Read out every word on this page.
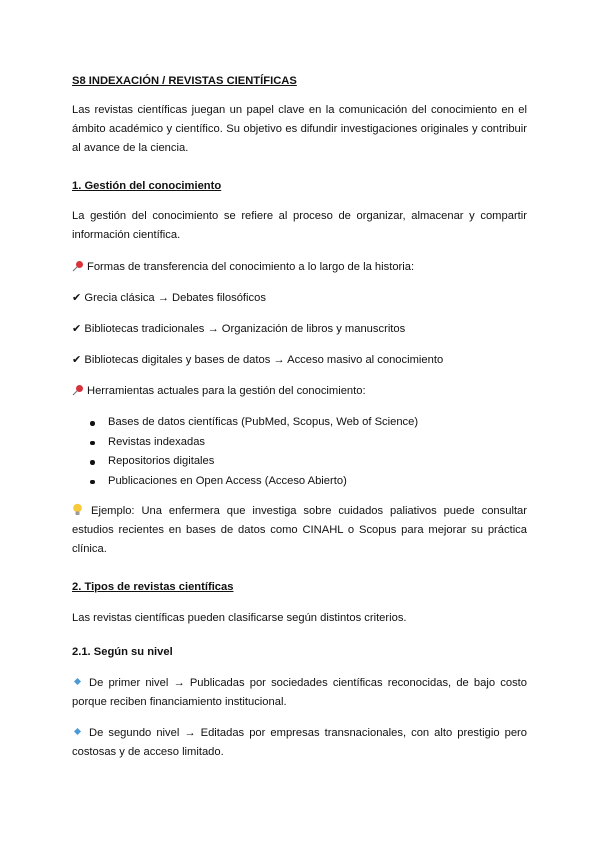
S8 INDEXACIÓN / REVISTAS CIENTÍFICAS

Las revistas científicas juegan un papel clave en la comunicación del conocimiento en el
ámbito académico y científico. Su objetivo es difundir investigaciones originales y contribuir
al avance de la ciencia.

1. Gestión del conocimiento

La gestión del conocimiento se refiere al proceso de organizar, almacenar y compartir
información científica.

Formas de transferencia del conocimiento a lo largo de la historia:

✔ Grecia clásica → Debates filosóficos

✔ Bibliotecas tradicionales → Organización de libros y manuscritos

✔ Bibliotecas digitales y bases de datos → Acceso masivo al conocimiento

Herramientas actuales para la gestión del conocimiento:

Bases de datos científicas (PubMed, Scopus, Web of Science)
Revistas indexadas
Repositorios digitales
Publicaciones en Open Access (Acceso Abierto)
Ejemplo: Una enfermera que investiga sobre cuidados paliativos puede consultar
estudios recientes en bases de datos como CINAHL o Scopus para mejorar su práctica
clínica.

2. Tipos de revistas científicas

Las revistas científicas pueden clasificarse según distintos criterios.

2.1. Según su nivel

De primer nivel → Publicadas por sociedades científicas reconocidas, de bajo costo
porque reciben financiamiento institucional.
De segundo nivel → Editadas por empresas transnacionales, con alto prestigio pero
costosas y de acceso limitado.
